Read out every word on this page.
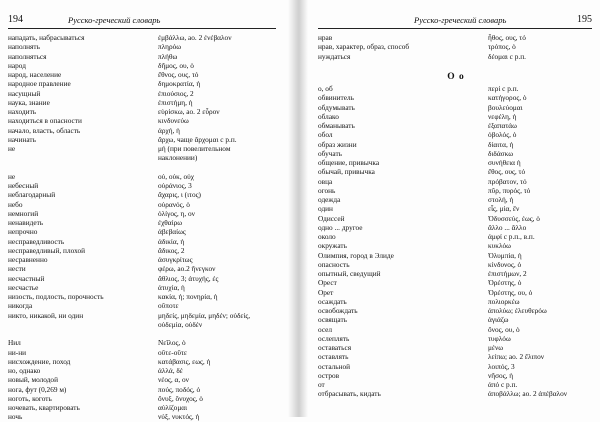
194	Русско-греческий словарь
нападать, набрасываться	ἐμβάλλω, ao. 2 ἐνέβαλον
наполнять	πληρόω
наполняться	πλήθω
народ	δῆμος, ου, ὁ
народ, население	ἔθνος, ους, τό
народное правление	δημοκρατία, ἡ
насущный	ἐπιούσιος, 2
наука, знание	ἐπιστήμη, ἡ
находить	εὑρίσκω, ao. 2 εὗρον
находиться в опасности	κινδυνεύω
начало, власть, область	ἀρχή, ἡ
начинать	ἄρχω, чаще ἄρχομαι с р.п.
не	μή (при повелительном
наклонении)
не	οὐ, οὐκ, οὐχ
небесный	οὐράνιος, 3
неблагодарный	ἄχαρις, ι (ιτος)
небо	οὐρανός, ὁ
немногий	ὀλίγος, η, ον
ненавидеть	ἐχθαίρω
непрочно	ἀβεβαίως
несправедливость	ἀδικία, ἡ
несправедливый, плохой	ἄδικος, 2
несравненно	ἀσυγκρίτως
нести	φέρω, ao.2 ἤνεγκον
несчастный	ἄθλιος, 3; ἀτυχής, ές
несчастье	ἀτυχία, ἡ
низость, подлость, порочность	κακία, ἡ; πονηρία, ἡ
никогда	οὔποτε
никто, никакой, ни один	μηδείς, μηδεμία, μηδέν; οὐδείς,
οὐδεμία, οὐδέν
Нил	Νεῖλος, ὁ
ни-ни	οὔτε-οὔτε
нисхождение, поход	κατάβασις, εως, ἡ
но, однако	ἀλλά, δέ
новый, молодой	νέος, α, ον
нога, фут (0,269 м)	πούς, ποδός, ὁ
ноготь, коготь	ὄνυξ, ὄνυχος, ὁ
ночевать, квартировать	αὐλίζομαι
ночь	νύξ, νυκτός, ἡ
Русско-греческий словарь	195
нрав	ἦθος, ους, τό
нрав, характер, образ, способ	τρόπος, ὁ
нуждаться	δέομαι с р.п.
О о
о, об	περί с р.п.
обвинитель	κατήγορος, ὁ
обдумывать	βουλεύομαι
облако	νεφέλη, ἡ
обманывать	ἐξαπατάω
обол	ὀβολός, ὁ
образ жизни	δίαιτα, ἡ
обучать	διδάσκω
общение, привычка	συνήθεια ἡ
обычай, привычка	ἔθος, ους, τό
овца	πρόβατον, τό
огонь	πῦρ, πυρός, τό
одежда	στολή, ἡ
один	εἷς, μία, ἕν
Одиссей	Ὀδυσσεύς, έως, ὁ
одно ... другое	ἄλλο ... ἄλλο
около	ἀμφί с р.п., в.п.
окружать	κυκλόω
Олимпия, город в Элиде	Ὀλυμπία, ἡ
опасность	κίνδυνος, ὁ
опытный, сведущий	ἐπιστήμων, 2
Орест	Ὀρέστης, ὁ
Орет	Ὀρέστης, ου, ὁ
осаждать	πολιορκέω
освобождать	ἀπολύω; ἐλευθερόω
освящать	ἁγιάζω
осел	ὄνος, ου, ὁ
ослеплять	τυφλόω
оставаться	μένω
оставлять	λείπω; ao. 2 ἔλιπον
остальной	λοιπός, 3
остров	νῆσος, ἡ
от	ἀπό с р.п.
отбрасывать, кидать	ἀποβάλλω; ao. 2 ἀπέβαλον
